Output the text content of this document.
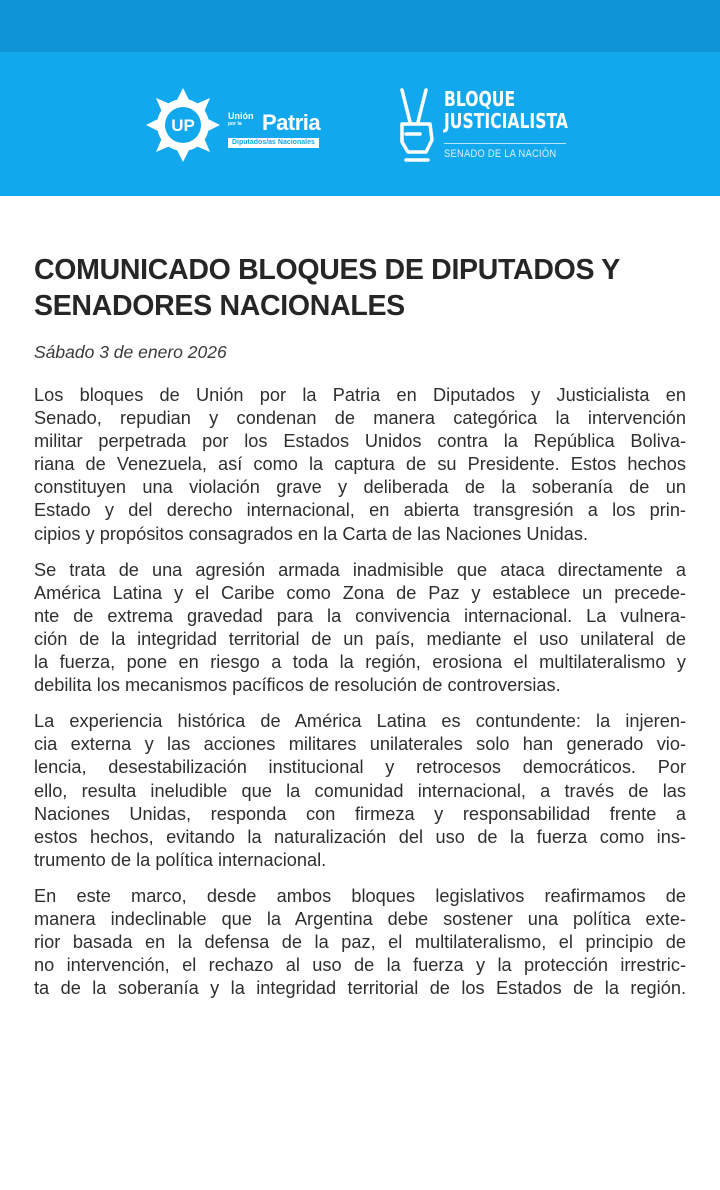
UP	Unión
por la Patria
Diputados/as Nacionales
BLOQUE
JUSTICIALISTA
SENADO DE LA NACIÓN
COMUNICADO BLOQUES DE DIPUTADOS Y
SENADORES NACIONALES

Sábado 3 de enero 2026

Los bloques de Unión por la Patria en Diputados y Justicialista en
Senado, repudian y condenan de manera categórica la intervención
militar perpetrada por los Estados Unidos contra la República Boliva-
riana de Venezuela, así como la captura de su Presidente. Estos hechos
constituyen una violación grave y deliberada de la soberanía de un
Estado y del derecho internacional, en abierta transgresión a los prin-
cipios y propósitos consagrados en la Carta de las Naciones Unidas.
Se trata de una agresión armada inadmisible que ataca directamente a
América Latina y el Caribe como Zona de Paz y establece un precede-
nte de extrema gravedad para la convivencia internacional. La vulnera-
ción de la integridad territorial de un país, mediante el uso unilateral de
la fuerza, pone en riesgo a toda la región, erosiona el multilateralismo y
debilita los mecanismos pacíficos de resolución de controversias.
La experiencia histórica de América Latina es contundente: la injeren-
cia externa y las acciones militares unilaterales solo han generado vio-
lencia, desestabilización institucional y retrocesos democráticos. Por
ello, resulta ineludible que la comunidad internacional, a través de las
Naciones Unidas, responda con firmeza y responsabilidad frente a
estos hechos, evitando la naturalización del uso de la fuerza como ins-
trumento de la política internacional.
En este marco, desde ambos bloques legislativos reafirmamos de
manera indeclinable que la Argentina debe sostener una política exte-
rior basada en la defensa de la paz, el multilateralismo, el principio de
no intervención, el rechazo al uso de la fuerza y la protección irrestric-
ta de la soberanía y la integridad territorial de los Estados de la región.
